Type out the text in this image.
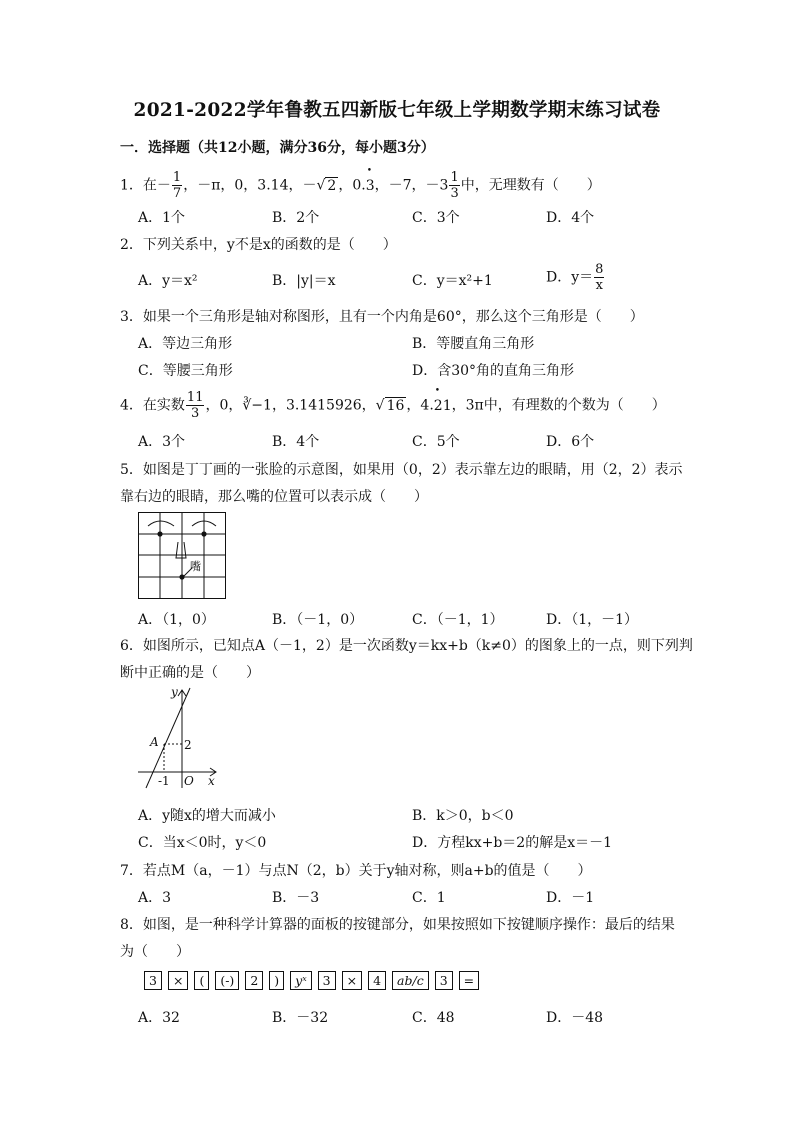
2021-2022学年鲁教五四新版七年级上学期数学期末练习试卷
一．选择题（共12小题，满分36分，每小题3分）
1．在－ $\frac{1}{7}$ ，－π，0，3.14，－√ 2 ，0.• 3，－7，$-3 \frac{1}{3}$ 中，无理数有（　　）
A．1个	B．2个	C．3个	D．4个
2．下列关系中，y不是x的函数的是（　　）
A．y＝x²	B．|y|＝x	C．y＝x²+1	D．$y= \frac{8}{x}$
3．如果一个三角形是轴对称图形，且有一个内角是60°，那么这个三角形是（　　）
A．等边三角形	B．等腰直角三角形
C．等腰三角形	D．含30°角的直角三角形
4．在实数 $\frac{11}{3}$ ，0，∛−1，3.1415926，√ 16 ，4.• 21，3π中，有理数的个数为（　　）
A．3个	B．4个	C．5个	D．6个
5．如图是丁丁画的一张脸的示意图，如果用（0，2）表示靠左边的眼睛，用（2，2）表示
靠右边的眼睛，那么嘴的位置可以表示成（　　）
嘴
A．（1，0）	B．（－1，0）	C．（－1，1）	D．（1，－1）
6．如图所示，已知点A（－1，2）是一次函数y＝kx+b（k≠0）的图象上的一点，则下列判
断中正确的是（　　）
y
x
A 2
-1 O
A．y随x的增大而减小	B．k＞0，b＜0
C．当x＜0时，y＜0	D．方程kx+b＝2的解是x＝－1
7．若点M（a，－1）与点N（2，b）关于y轴对称，则a+b的值是（　　）
A．3	B．－3	C．1	D．－1
8．如图，是一种科学计算器的面板的按键部分，如果按照如下按键顺序操作：最后的结果
为（　　）
3 × ( (-) 2 ) yˣ 3 × 4 ab/c 3 =
A．32	B．－32	C．48	D．－48
